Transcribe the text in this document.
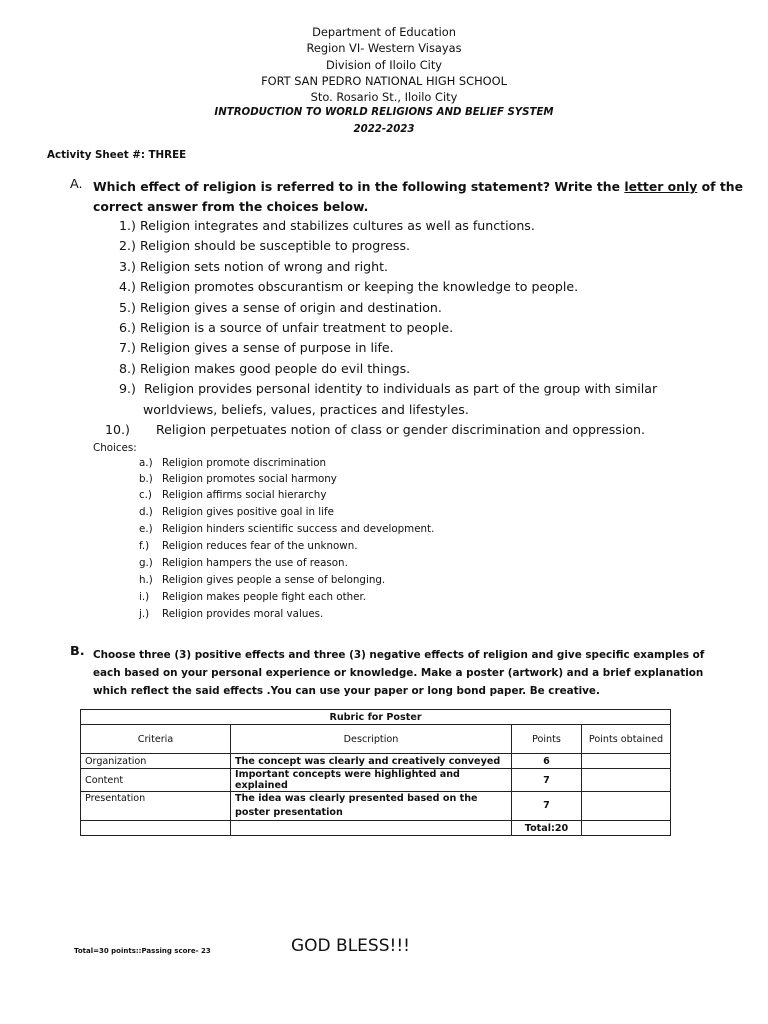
Department of Education
Region VI- Western Visayas
Division of Iloilo City
FORT SAN PEDRO NATIONAL HIGH SCHOOL
Sto. Rosario St., Iloilo City
INTRODUCTION TO WORLD RELIGIONS AND BELIEF SYSTEM
2022-2023
Activity Sheet #: THREE
A. Which effect of religion is referred to in the following statement? Write the letter only of the correct answer from the choices below.
1.) Religion integrates and stabilizes cultures as well as functions.
2.) Religion should be susceptible to progress.
3.) Religion sets notion of wrong and right.
4.) Religion promotes obscurantism or keeping the knowledge to people.
5.) Religion gives a sense of origin and destination.
6.) Religion is a source of unfair treatment to people.
7.) Religion gives a sense of purpose in life.
8.) Religion makes good people do evil things.
9.) Religion provides personal identity to individuals as part of the group with similar
worldviews, beliefs, values, practices and lifestyles.
10.) Religion perpetuates notion of class or gender discrimination and oppression.
Choices:
a.) Religion promote discrimination
b.) Religion promotes social harmony
c.) Religion affirms social hierarchy
d.) Religion gives positive goal in life
e.) Religion hinders scientific success and development.
f.) Religion reduces fear of the unknown.
g.) Religion hampers the use of reason.
h.) Religion gives people a sense of belonging.
i.) Religion makes people fight each other.
j.) Religion provides moral values.
B. Choose three (3) positive effects and three (3) negative effects of religion and give specific examples of each based on your personal experience or knowledge. Make a poster (artwork) and a brief explanation which reflect the said effects .You can use your paper or long bond paper. Be creative.
Rubric for Poster			
Criteria	Description	Points	Points obtained
Organization	The concept was clearly and creatively conveyed	6	
Content	Important concepts were highlighted and explained	7	
Presentation	The idea was clearly presented based on the poster presentation	7	
		Total:20	
Total=30 points::Passing score- 23	GOD BLESS!!!
